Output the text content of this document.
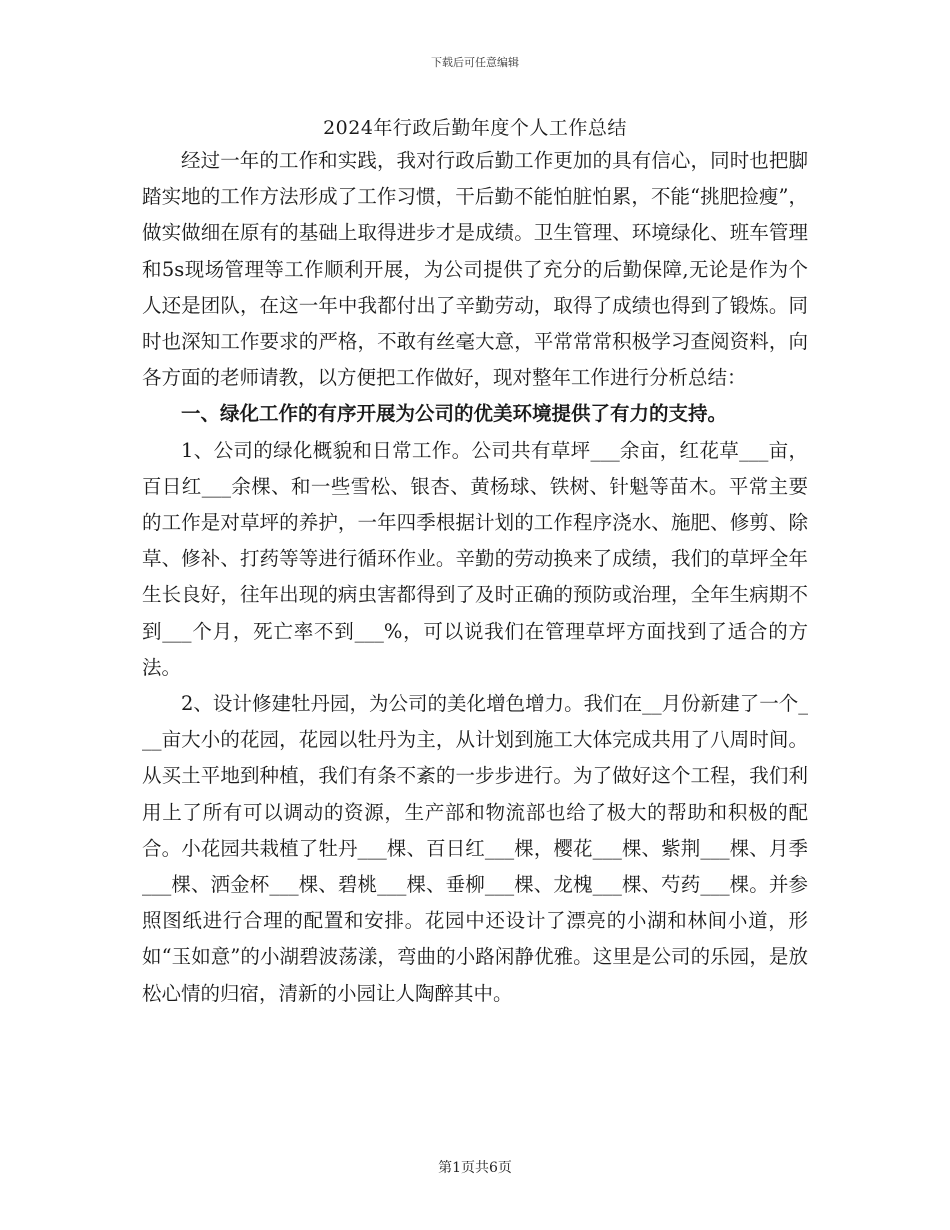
下载后可任意编辑
2024年行政后勤年度个人工作总结

经过一年的工作和实践，我对行政后勤工作更加的具有信心，同时也把脚踏实地的工作方法形成了工作习惯，干后勤不能怕脏怕累，不能“挑肥捡瘦”，做实做细在原有的基础上取得进步才是成绩。卫生管理、环境绿化、班车管理和5s现场管理等工作顺利开展，为公司提供了充分的后勤保障,无论是作为个人还是团队，在这一年中我都付出了辛勤劳动，取得了成绩也得到了锻炼。同时也深知工作要求的严格，不敢有丝毫大意，平常常常积极学习查阅资料，向各方面的老师请教，以方便把工作做好，现对整年工作进行分析总结：

一、绿化工作的有序开展为公司的优美环境提供了有力的支持。

1、公司的绿化概貌和日常工作。公司共有草坪___余亩，红花草___亩，百日红___余棵、和一些雪松、银杏、黄杨球、铁树、针魁等苗木。平常主要的工作是对草坪的养护，一年四季根据计划的工作程序浇水、施肥、修剪、除草、修补、打药等等进行循环作业。辛勤的劳动换来了成绩，我们的草坪全年生长良好，往年出现的病虫害都得到了及时正确的预防或治理，全年生病期不到___个月，死亡率不到___%，可以说我们在管理草坪方面找到了适合的方法。

2、设计修建牡丹园，为公司的美化增色增力。我们在__月份新建了一个___亩大小的花园，花园以牡丹为主，从计划到施工大体完成共用了八周时间。从买土平地到种植，我们有条不紊的一步步进行。为了做好这个工程，我们利用上了所有可以调动的资源，生产部和物流部也给了极大的帮助和积极的配合。小花园共栽植了牡丹___棵、百日红___棵，樱花___棵、紫荆___棵、月季___棵、洒金杯___棵、碧桃___棵、垂柳___棵、龙槐___棵、芍药___棵。并参照图纸进行合理的配置和安排。花园中还设计了漂亮的小湖和林间小道，形如“玉如意”的小湖碧波荡漾，弯曲的小路闲静优雅。这里是公司的乐园，是放松心情的归宿，清新的小园让人陶醉其中。

第1页共6页
